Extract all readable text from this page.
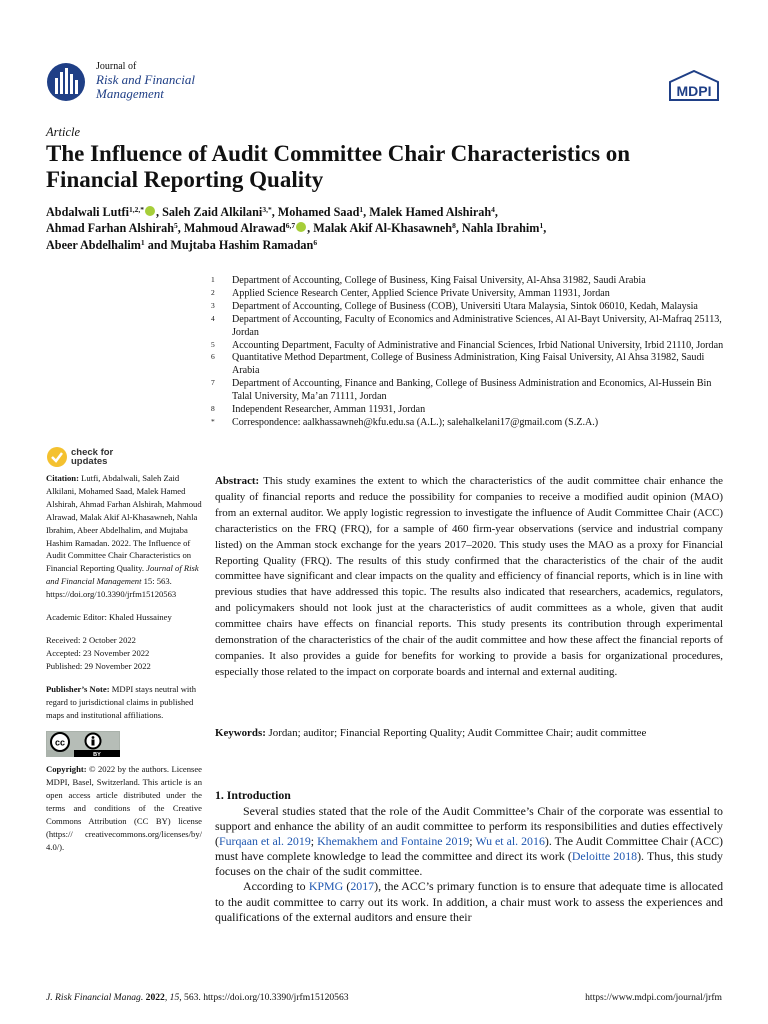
Journal of
Risk and Financial
Management	MDPI
Article
The Influence of Audit Committee Chair Characteristics on Financial Reporting Quality
Abdalwali Lutfi$^{1,2,*}$ , Saleh Zaid Alkilani$^{3,*}$, Mohamed Saad$^1$, Malek Hamed Alshirah$^4$,
Ahmad Farhan Alshirah$^5$, Mahmoud Alrawad$^{6,7}$ , Malak Akif Al-Khasawneh$^8$, Nahla Ibrahim$^1$,
Abeer Abdelhalim$^1$ and Mujtaba Hashim Ramadan$^6$
1	Department of Accounting, College of Business, King Faisal University, Al-Ahsa 31982, Saudi Arabia
2	Applied Science Research Center, Applied Science Private University, Amman 11931, Jordan
3	Department of Accounting, College of Business (COB), Universiti Utara Malaysia, Sintok 06010, Kedah, Malaysia
4	Department of Accounting, Faculty of Economics and Administrative Sciences, Al Al-Bayt University, Al-Mafraq 25113, Jordan
5	Accounting Department, Faculty of Administrative and Financial Sciences, Irbid National University, Irbid 21110, Jordan
6	Quantitative Method Department, College of Business Administration, King Faisal University, Al Ahsa 31982, Saudi Arabia
7	Department of Accounting, Finance and Banking, College of Business Administration and Economics, Al-Hussein Bin Talal University, Ma’an 71111, Jordan
8	Independent Researcher, Amman 11931, Jordan
*	Correspondence: aalkhassawneh@kfu.edu.sa (A.L.); salehalkelani17@gmail.com (S.Z.A.)
check for
updates

Citation: Lutfi, Abdalwali, Saleh Zaid Alkilani, Mohamed Saad, Malek Hamed Alshirah, Ahmad Farhan Alshirah, Mahmoud Alrawad, Malak Akif Al-Khasawneh, Nahla Ibrahim, Abeer Abdelhalim, and Mujtaba Hashim Ramadan. 2022. The Influence of Audit Committee Chair Characteristics on Financial Reporting Quality. Journal of Risk and Financial Management 15: 563. https://doi.org/10.3390/jrfm15120563

Academic Editor: Khaled Hussainey

Received: 2 October 2022

Accepted: 23 November 2022

Published: 29 November 2022

Publisher’s Note: MDPI stays neutral with regard to jurisdictional claims in published maps and institutional affiliations.

cc
BY

Copyright: © 2022 by the authors. Licensee MDPI, Basel, Switzerland. This article is an open access article distributed under the terms and conditions of the Creative Commons Attribution (CC BY) license (https:// creativecommons.org/licenses/by/ 4.0/).

Abstract: This study examines the extent to which the characteristics of the audit committee chair enhance the quality of financial reports and reduce the possibility for companies to receive a modified audit opinion (MAO) from an external auditor. We apply logistic regression to investigate the influence of Audit Committee Chair (ACC) characteristics on the FRQ (FRQ), for a sample of 460 firm-year observations (service and industrial company listed) on the Amman stock exchange for the years 2017–2020. This study uses the MAO as a proxy for Financial Reporting Quality (FRQ). The results of this study confirmed that the characteristics of the chair of the audit committee have significant and clear impacts on the quality and efficiency of financial reports, which is in line with previous studies that have addressed this topic. The results also indicated that researchers, academics, regulators, and policymakers should not look just at the characteristics of audit committees as a whole, given that audit committee chairs have effects on financial reports. This study presents its contribution through experimental demonstration of the characteristics of the chair of the audit committee and how these affect the financial reports of companies. It also provides a guide for benefits for working to provide a basis for organizational procedures, especially those related to the impact on corporate boards and internal and external auditing.
Keywords: Jordan; auditor; Financial Reporting Quality; Audit Committee Chair; audit committee
1. Introduction

Several studies stated that the role of the Audit Committee’s Chair of the corporate was essential to support and enhance the ability of an audit committee to perform its responsibilities and duties effectively (Furqaan et al. 2019; Khemakhem and Fontaine 2019; Wu et al. 2016). The Audit Committee Chair (ACC) must have complete knowledge to lead the committee and direct its work (Deloitte 2018). Thus, this study focuses on the chair of the sudit committee.

According to KPMG (2017), the ACC’s primary function is to ensure that adequate time is allocated to the audit committee to carry out its work. In addition, a chair must work to assess the experiences and qualifications of the external auditors and ensure their

J. Risk Financial Manag. 2022, 15, 563. https://doi.org/10.3390/jrfm15120563	https://www.mdpi.com/journal/jrfm
